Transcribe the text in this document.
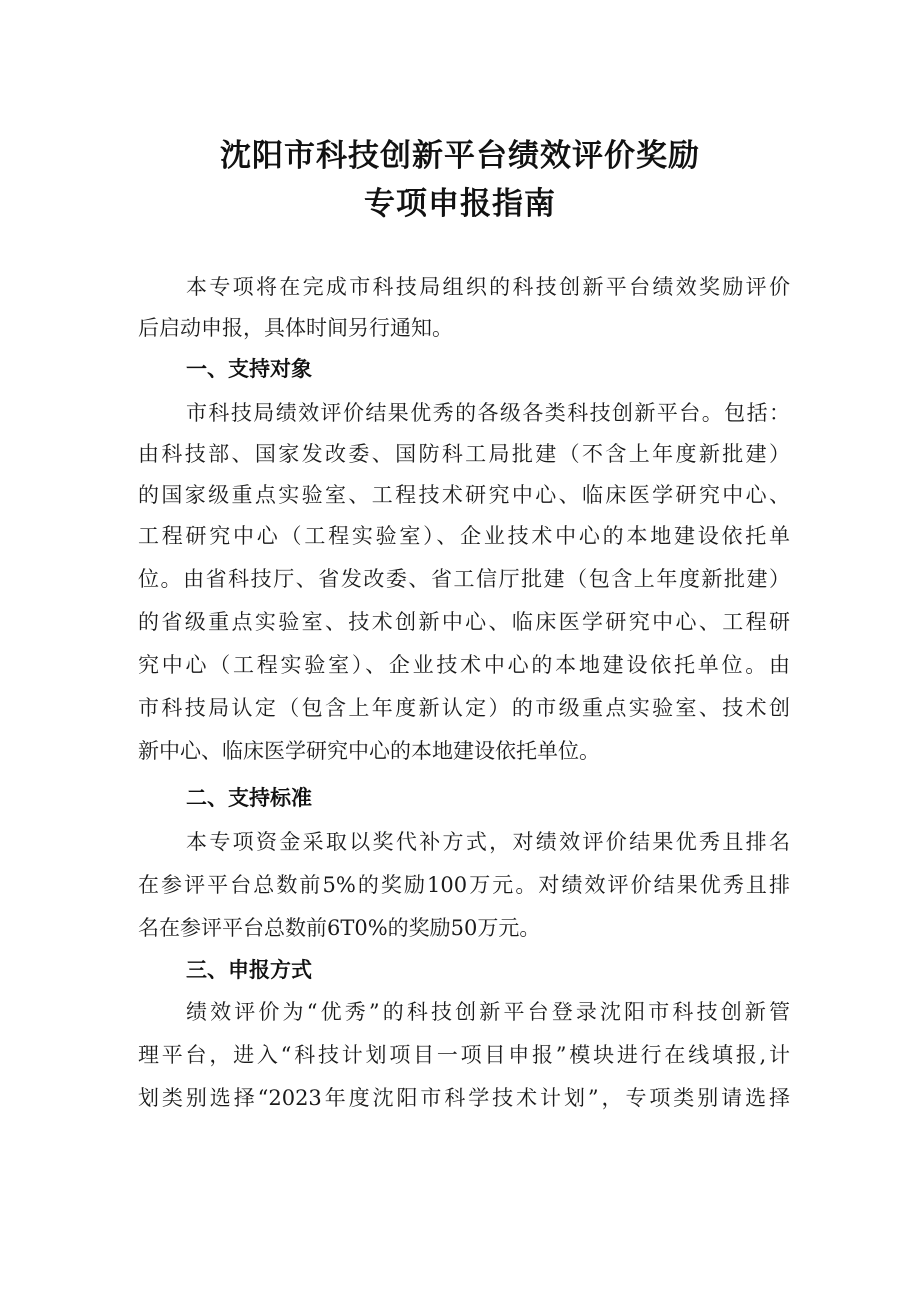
沈阳市科技创新平台绩效评价奖励
专项申报指南
本专项将在完成市科技局组织的科技创新平台绩效奖励评价
后启动申报，具体时间另行通知。
一、支持对象
市科技局绩效评价结果优秀的各级各类科技创新平台。包括：
由科技部、国家发改委、国防科工局批建（不含上年度新批建）
的国家级重点实验室、工程技术研究中心、临床医学研究中心、
工程研究中心（工程实验室）、企业技术中心的本地建设依托单
位。由省科技厅、省发改委、省工信厅批建（包含上年度新批建）
的省级重点实验室、技术创新中心、临床医学研究中心、工程研
究中心（工程实验室）、企业技术中心的本地建设依托单位。由
市科技局认定（包含上年度新认定）的市级重点实验室、技术创
新中心、临床医学研究中心的本地建设依托单位。
二、支持标准
本专项资金采取以奖代补方式，对绩效评价结果优秀且排名
在参评平台总数前5%的奖励100万元。对绩效评价结果优秀且排
名在参评平台总数前6T0%的奖励50万元。
三、申报方式
绩效评价为“优秀”的科技创新平台登录沈阳市科技创新管
理平台，进入“科技计划项目一项目申报”模块进行在线填报,计
划类别选择“2023年度沈阳市科学技术计划”，专项类别请选择
